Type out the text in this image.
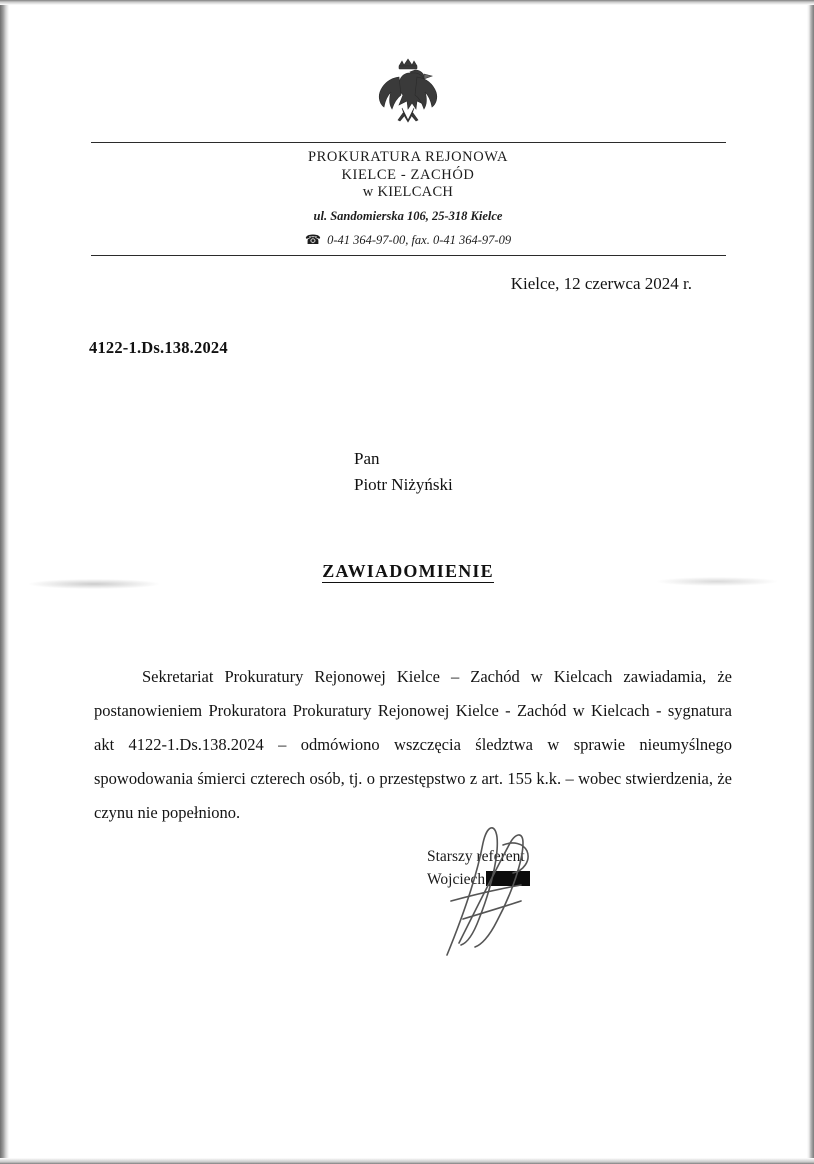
PROKURATURA REJONOWA
KIELCE - ZACHÓD
w KIELCACH
ul. Sandomierska 106, 25-318 Kielce
☎ 0-41 364-97-00, fax. 0-41 364-97-09
Kielce, 12 czerwca 2024 r.
4122-1.Ds.138.2024
Pan
Piotr Niżyński
ZAWIADOMIENIE

Sekretariat Prokuratury Rejonowej Kielce – Zachód w Kielcach zawiadamia, że postanowieniem Prokuratora Prokuratury Rejonowej Kielce - Zachód w Kielcach - sygnatura akt 4122-1.Ds.138.2024 – odmówiono wszczęcia śledztwa w sprawie nieumyślnego spowodowania śmierci czterech osób, tj. o przestępstwo z art. 155 k.k. – wobec stwierdzenia, że czynu nie popełniono.

Starszy referent
Wojciech
